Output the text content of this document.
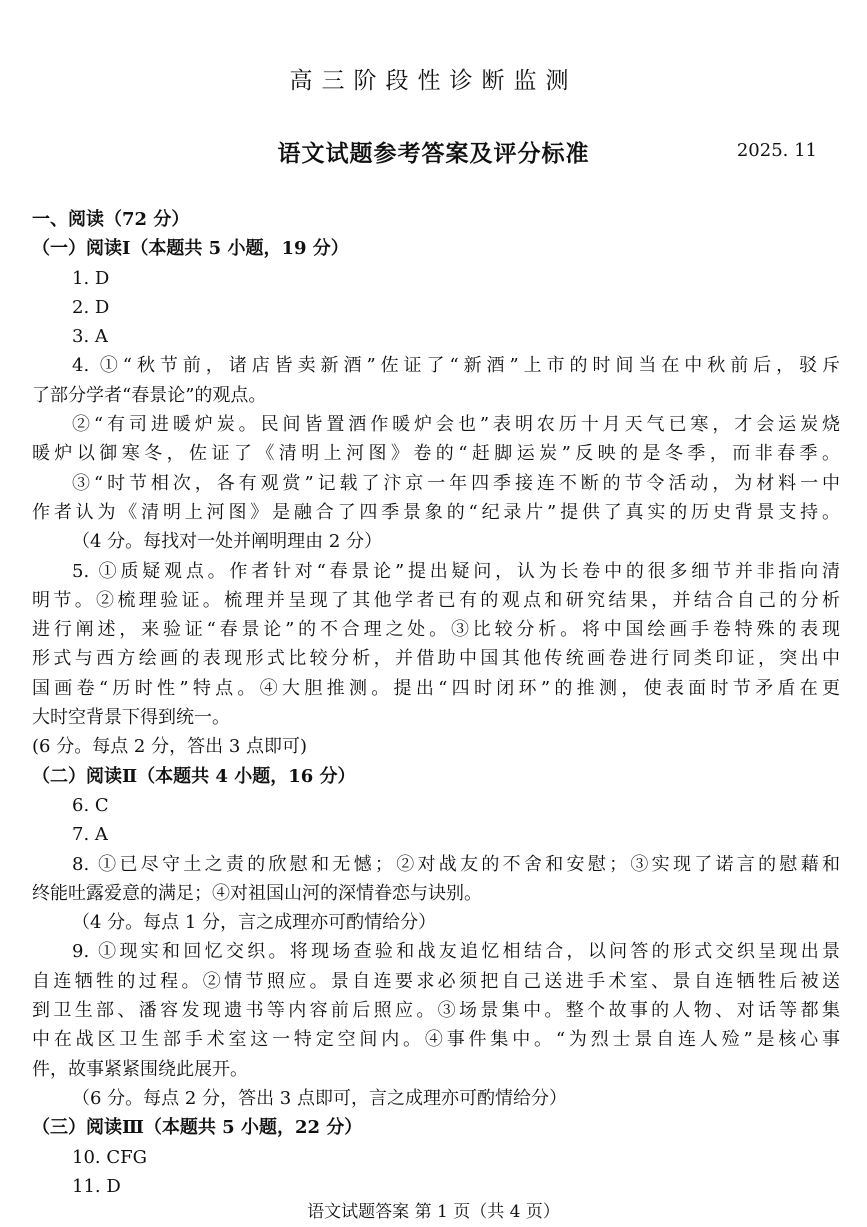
高三阶段性诊断监测
语文试题参考答案及评分标准	2025. 11
一、阅读（72 分）
（一）阅读Ⅰ（本题共 5 小题，19 分）
1. D
2. D
3. A
4. ①“秋节前，诸店皆卖新酒”佐证了“新酒”上市的时间当在中秋前后，驳斥
了部分学者“春景论”的观点。
②“有司进暖炉炭。民间皆置酒作暖炉会也”表明农历十月天气已寒，才会运炭烧
暖炉以御寒冬，佐证了《清明上河图》卷的“赶脚运炭”反映的是冬季，而非春季。
③“时节相次，各有观赏”记载了汴京一年四季接连不断的节令活动，为材料一中
作者认为《清明上河图》是融合了四季景象的“纪录片”提供了真实的历史背景支持。
（4 分。每找对一处并阐明理由 2 分）
5. ①质疑观点。作者针对“春景论”提出疑问，认为长卷中的很多细节并非指向清
明节。②梳理验证。梳理并呈现了其他学者已有的观点和研究结果，并结合自己的分析
进行阐述，来验证“春景论”的不合理之处。③比较分析。将中国绘画手卷特殊的表现
形式与西方绘画的表现形式比较分析，并借助中国其他传统画卷进行同类印证，突出中
国画卷“历时性”特点。④大胆推测。提出“四时闭环”的推测，使表面时节矛盾在更
大时空背景下得到统一。
(6 分。每点 2 分，答出 3 点即可)
（二）阅读Ⅱ（本题共 4 小题，16 分）
6. C
7. A
8. ①已尽守土之责的欣慰和无憾；②对战友的不舍和安慰；③实现了诺言的慰藉和
终能吐露爱意的满足；④对祖国山河的深情眷恋与诀别。
（4 分。每点 1 分，言之成理亦可酌情给分）
9. ①现实和回忆交织。将现场查验和战友追忆相结合，以问答的形式交织呈现出景
自连牺牲的过程。②情节照应。景自连要求必须把自己送进手术室、景自连牺牲后被送
到卫生部、潘容发现遗书等内容前后照应。③场景集中。整个故事的人物、对话等都集
中在战区卫生部手术室这一特定空间内。④事件集中。“为烈士景自连人殓”是核心事
件，故事紧紧围绕此展开。
（6 分。每点 2 分，答出 3 点即可，言之成理亦可酌情给分）
（三）阅读Ⅲ（本题共 5 小题，22 分）
10. CFG
11. D
语文试题答案 第 1 页（共 4 页）
